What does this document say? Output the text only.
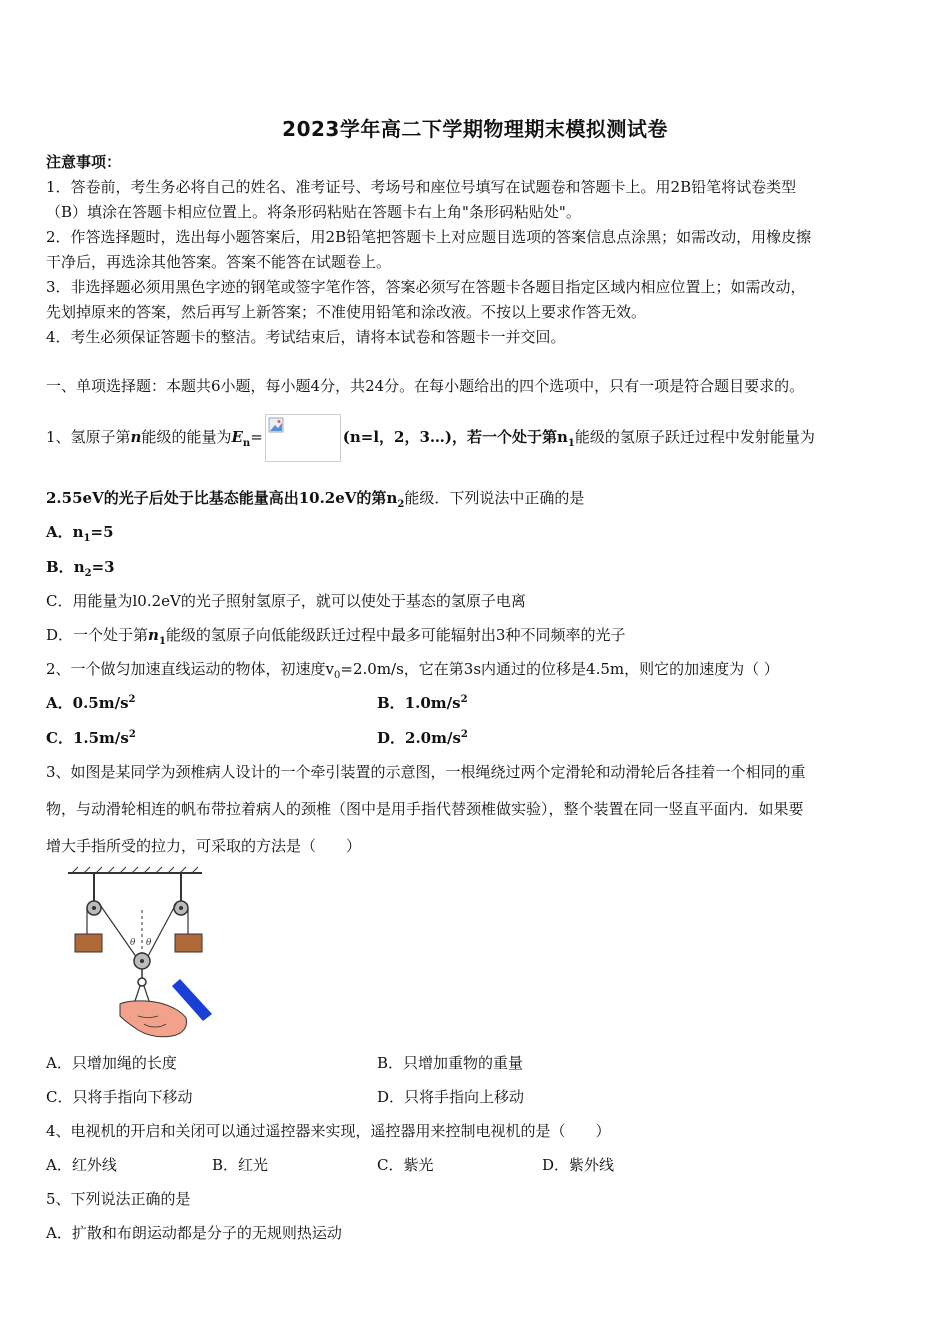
2023学年高二下学期物理期末模拟测试卷
注意事项：
1．答卷前，考生务必将自己的姓名、准考证号、考场号和座位号填写在试题卷和答题卡上。用2B铅笔将试卷类型
（B）填涂在答题卡相应位置上。将条形码粘贴在答题卡右上角"条形码粘贴处"。
2．作答选择题时，选出每小题答案后，用2B铅笔把答题卡上对应题目选项的答案信息点涂黑；如需改动，用橡皮擦
干净后，再选涂其他答案。答案不能答在试题卷上。
3．非选择题必须用黑色字迹的钢笔或签字笔作答，答案必须写在答题卡各题目指定区域内相应位置上；如需改动，
先划掉原来的答案，然后再写上新答案；不准使用铅笔和涂改液。不按以上要求作答无效。
4．考生必须保证答题卡的整洁。考试结束后，请将本试卷和答题卡一并交回。
一、单项选择题：本题共6小题，每小题4分，共24分。在每小题给出的四个选项中，只有一项是符合题目要求的。
1、氢原子第n能级的能量为$E_n=$	(n=l，2，3…)，若一个处于第$n_1$能级的氢原子跃迁过程中发射能量为
2.55eV的光子后处于比基态能量高出10.2eV的第$n_2$能级．下列说法中正确的是
A．$n_1=5$
B．$n_2=3$
C．用能量为l0.2eV的光子照射氢原子，就可以使处于基态的氢原子电离
D．一个处于第$n_1$能级的氢原子向低能级跃迁过程中最多可能辐射出3种不同频率的光子
2、一个做匀加速直线运动的物体，初速度$v_0=2.0m/s$，它在第3s内通过的位移是4.5m，则它的加速度为（ ）
A．$0.5m/s^2$	B．$1.0m/s^2$
C．$1.5m/s^2$	D．$2.0m/s^2$
3、如图是某同学为颈椎病人设计的一个牵引装置的示意图，一根绳绕过两个定滑轮和动滑轮后各挂着一个相同的重
物，与动滑轮相连的帆布带拉着病人的颈椎（图中是用手指代替颈椎做实验），整个装置在同一竖直平面内．如果要
增大手指所受的拉力，可采取的方法是（　　）
θ θ
A．只增加绳的长度	B．只增加重物的重量
C．只将手指向下移动	D．只将手指向上移动
4、电视机的开启和关闭可以通过遥控器来实现，遥控器用来控制电视机的是（　　）
A．红外线	B．红光	C．紫光	D．紫外线
5、下列说法正确的是
A．扩散和布朗运动都是分子的无规则热运动
